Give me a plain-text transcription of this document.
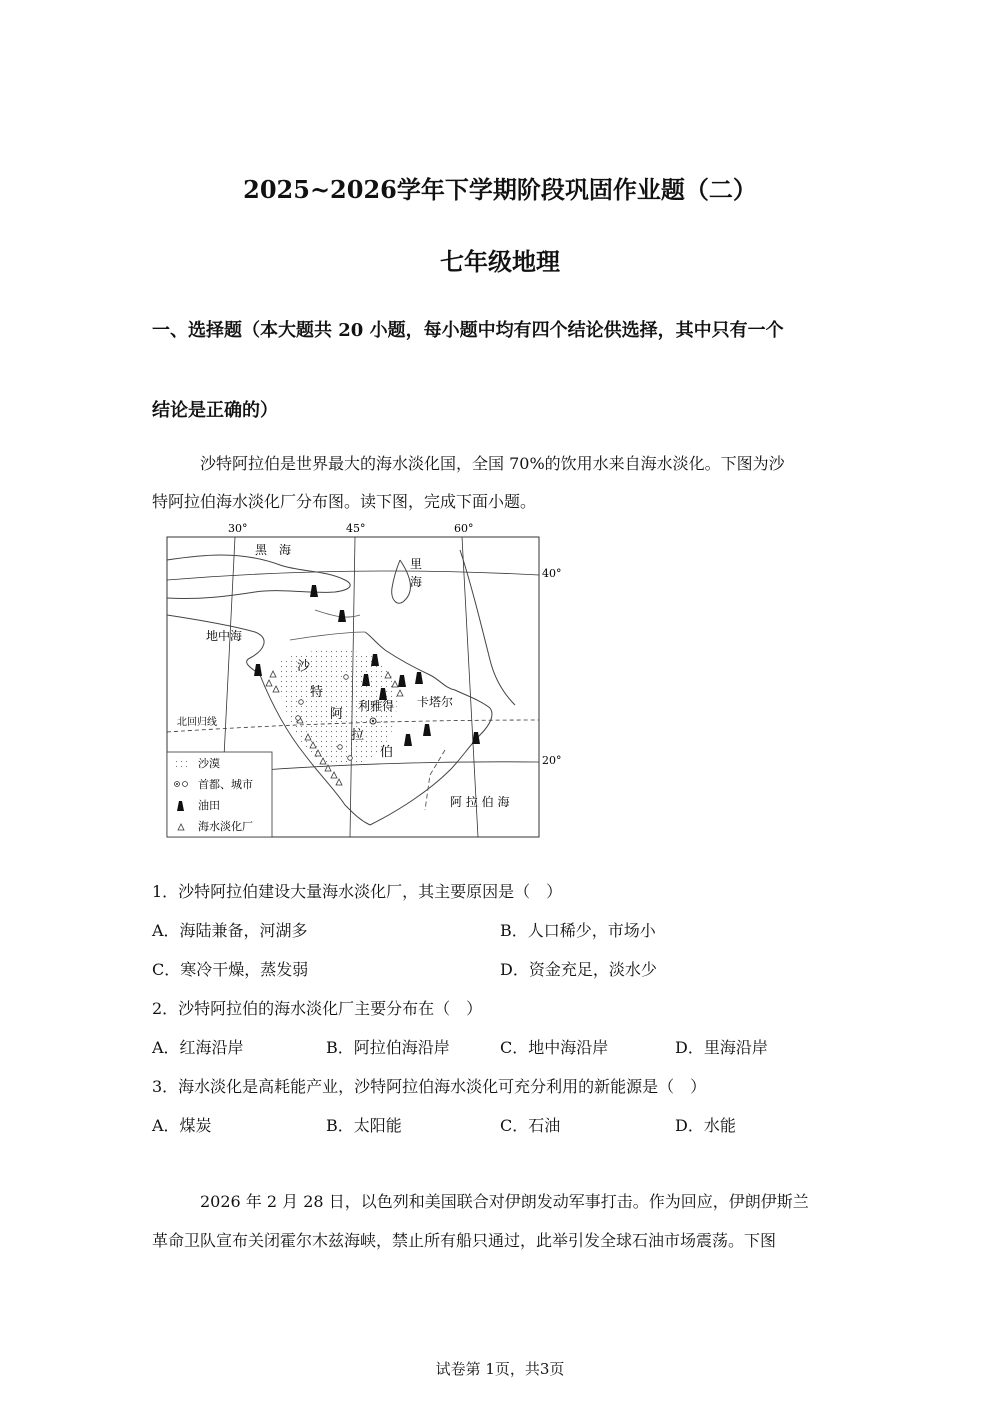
2025~2026学年下学期阶段巩固作业题（二）
七年级地理
一、选择题（本大题共 20 小题，每小题中均有四个结论供选择，其中只有一个
结论是正确的）
沙特阿拉伯是世界最大的海水淡化国，全国 70%的饮用水来自海水淡化。下图为沙
特阿拉伯海水淡化厂分布图。读下图，完成下面小题。
30°	45°	60°
40°
20°
黑　海
里
海
地中海
沙
特
阿
拉
伯
利雅得 卡塔尔
北回归线
阿 拉 伯 海
沙漠
首都、城市
油田
海水淡化厂
1．沙特阿拉伯建设大量海水淡化厂，其主要原因是（　）
A．海陆兼备，河湖多	B．人口稀少，市场小
C．寒冷干燥，蒸发弱	D．资金充足，淡水少
2．沙特阿拉伯的海水淡化厂主要分布在（　）
A．红海沿岸	B．阿拉伯海沿岸	C．地中海沿岸	D．里海沿岸
3．海水淡化是高耗能产业，沙特阿拉伯海水淡化可充分利用的新能源是（　）
A．煤炭	B．太阳能	C．石油	D．水能
2026 年 2 月 28 日，以色列和美国联合对伊朗发动军事打击。作为回应，伊朗伊斯兰
革命卫队宣布关闭霍尔木兹海峡，禁止所有船只通过，此举引发全球石油市场震荡。下图
试卷第 1页，共3页
